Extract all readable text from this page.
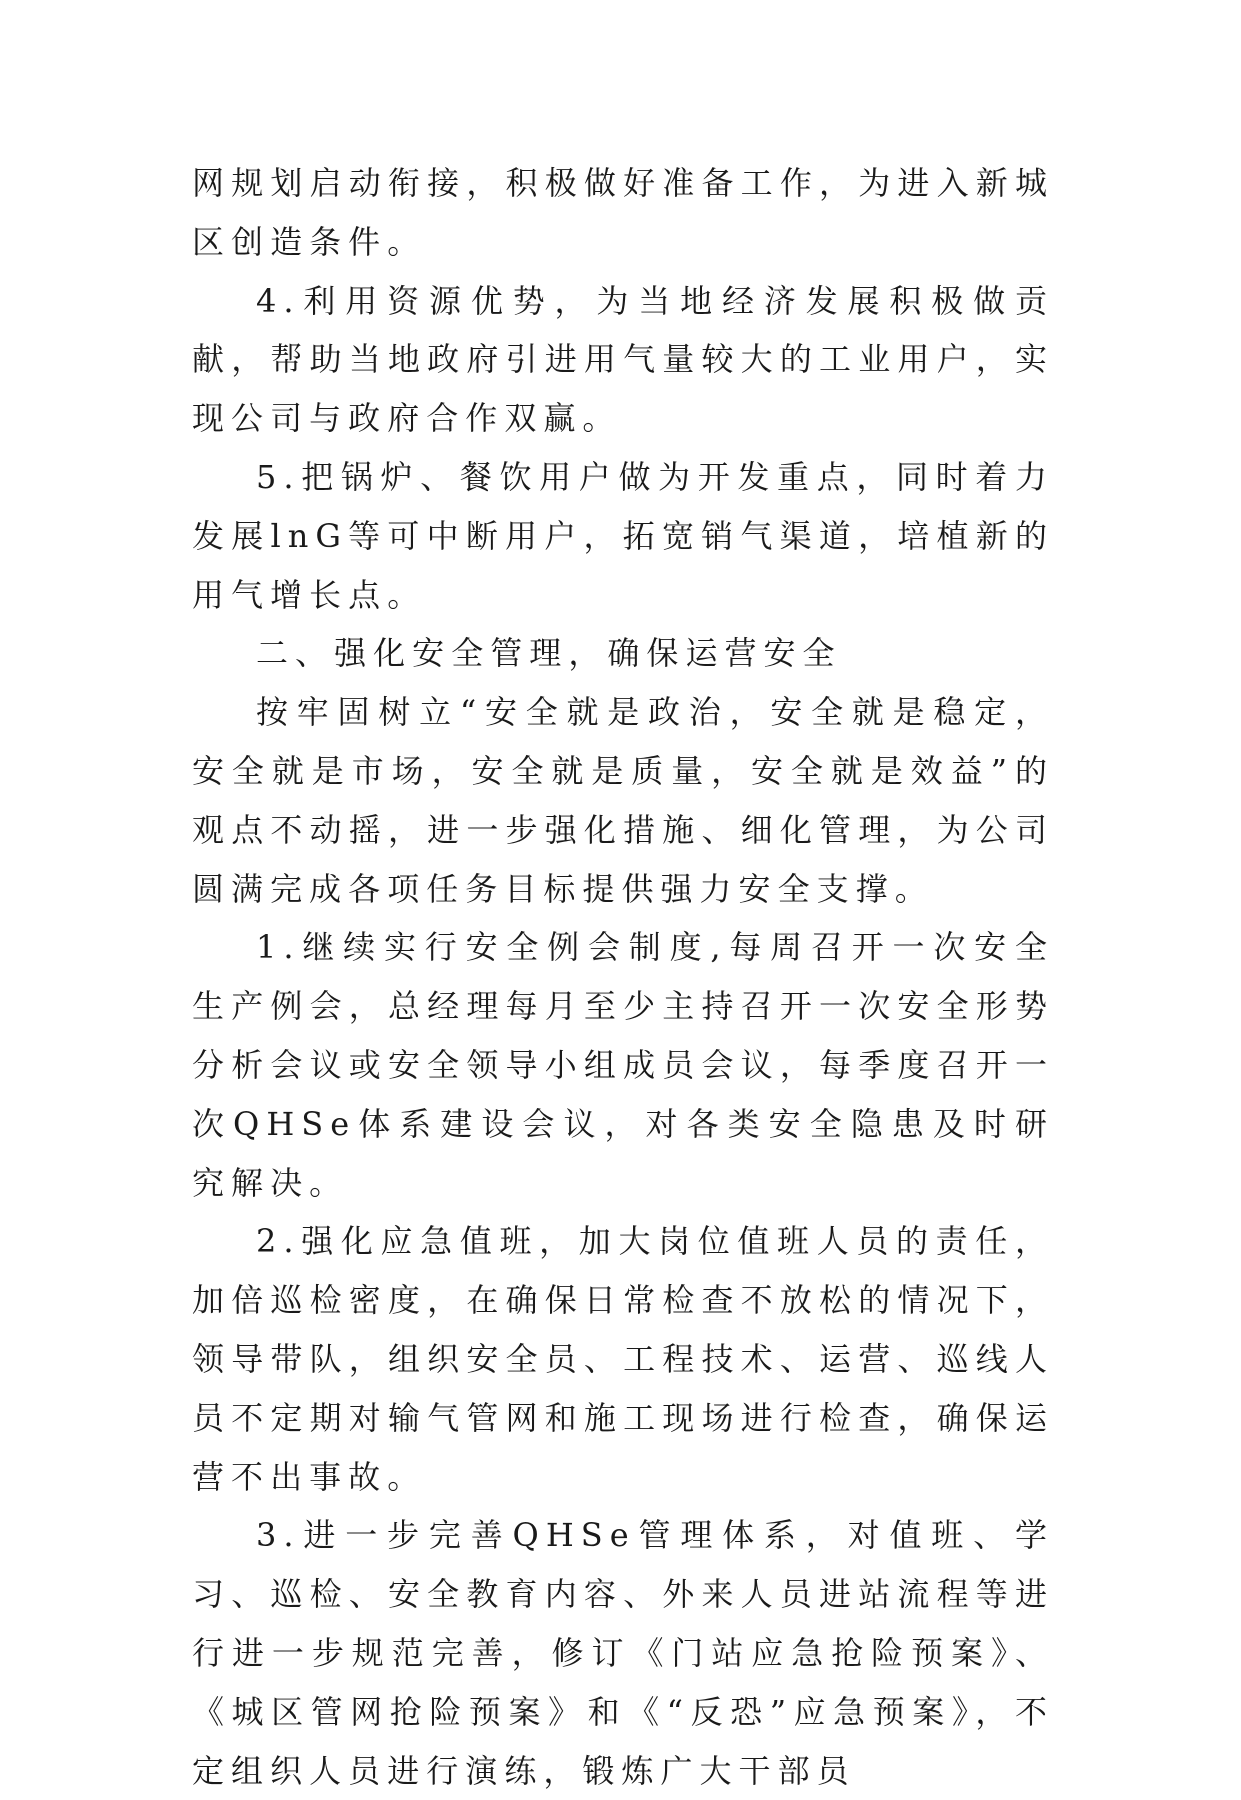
网规划启动衔接，积极做好准备工作，为进入新城区创造条件。

4.利用资源优势，为当地经济发展积极做贡献，帮助当地政府引进用气量较大的工业用户，实现公司与政府合作双赢。

5.把锅炉、餐饮用户做为开发重点，同时着力发展lnG等可中断用户，拓宽销气渠道，培植新的用气增长点。

二、强化安全管理，确保运营安全

按牢固树立“安全就是政治，安全就是稳定，安全就是市场，安全就是质量，安全就是效益”的观点不动摇，进一步强化措施、细化管理，为公司圆满完成各项任务目标提供强力安全支撑。

1.继续实行安全例会制度,每周召开一次安全生产例会，总经理每月至少主持召开一次安全形势分析会议或安全领导小组成员会议，每季度召开一次QHSe体系建设会议，对各类安全隐患及时研究解决。

2.强化应急值班，加大岗位值班人员的责任，加倍巡检密度，在确保日常检查不放松的情况下，领导带队，组织安全员、工程技术、运营、巡线人员不定期对输气管网和施工现场进行检查，确保运营不出事故。

3.进一步完善QHSe管理体系，对值班、学习、巡检、安全教育内容、外来人员进站流程等进行进一步规范完善，修订《门站应急抢险预案》、《城区管网抢险预案》和《“反恐”应急预案》，不定组织人员进行演练，锻炼广大干部员
